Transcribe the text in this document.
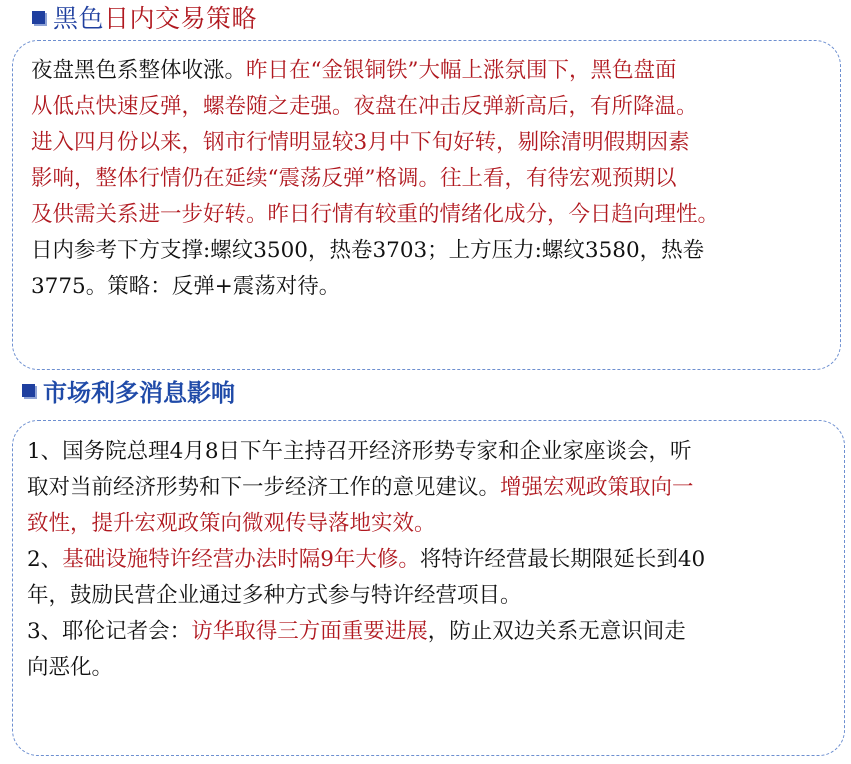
黑色 日内交易策略
夜盘黑色系整体收涨。昨日在“金银铜铁”大幅上涨氛围下，黑色盘面
从低点快速反弹，螺卷随之走强。夜盘在冲击反弹新高后，有所降温。
进入四月份以来，钢市行情明显较3月中下旬好转，剔除清明假期因素
影响，整体行情仍在延续“震荡反弹”格调。往上看，有待宏观预期以
及供需关系进一步好转。昨日行情有较重的情绪化成分，今日趋向理性。
日内参考下方支撑:螺纹3500，热卷3703；上方压力:螺纹3580，热卷
3775。策略：反弹+震荡对待。
市场利多消息影响
1、国务院总理4月8日下午主持召开经济形势专家和企业家座谈会，听
取对当前经济形势和下一步经济工作的意见建议。增强宏观政策取向一
致性，提升宏观政策向微观传导落地实效。
2、基础设施特许经营办法时隔9年大修。将特许经营最长期限延长到40
年，鼓励民营企业通过多种方式参与特许经营项目。
3、耶伦记者会：访华取得三方面重要进展，防止双边关系无意识间走
向恶化。
